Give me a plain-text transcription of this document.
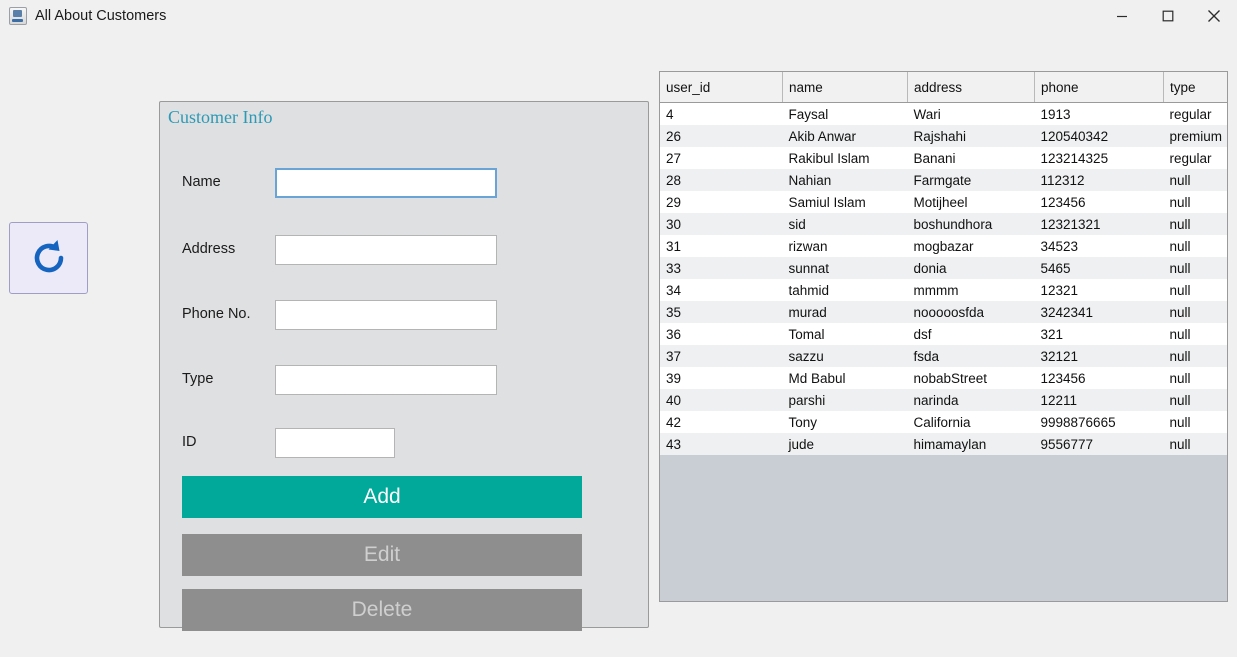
All About Customers
Customer Info
Name
Address
Phone No.
Type
ID
Add
Edit
Delete
user_id	name	address	phone	type
4	Faysal	Wari	1913	regular
26	Akib Anwar	Rajshahi	120540342	premium
27	Rakibul Islam	Banani	123214325	regular
28	Nahian	Farmgate	112312	null
29	Samiul Islam	Motijheel	123456	null
30	sid	boshundhora	12321321	null
31	rizwan	mogbazar	34523	null
33	sunnat	donia	5465	null
34	tahmid	mmmm	12321	null
35	murad	nooooosfda	3242341	null
36	Tomal	dsf	321	null
37	sazzu	fsda	32121	null
39	Md Babul	nobabStreet	123456	null
40	parshi	narinda	12211	null
42	Tony	California	9998876665	null
43	jude	himamaylan	9556777	null
